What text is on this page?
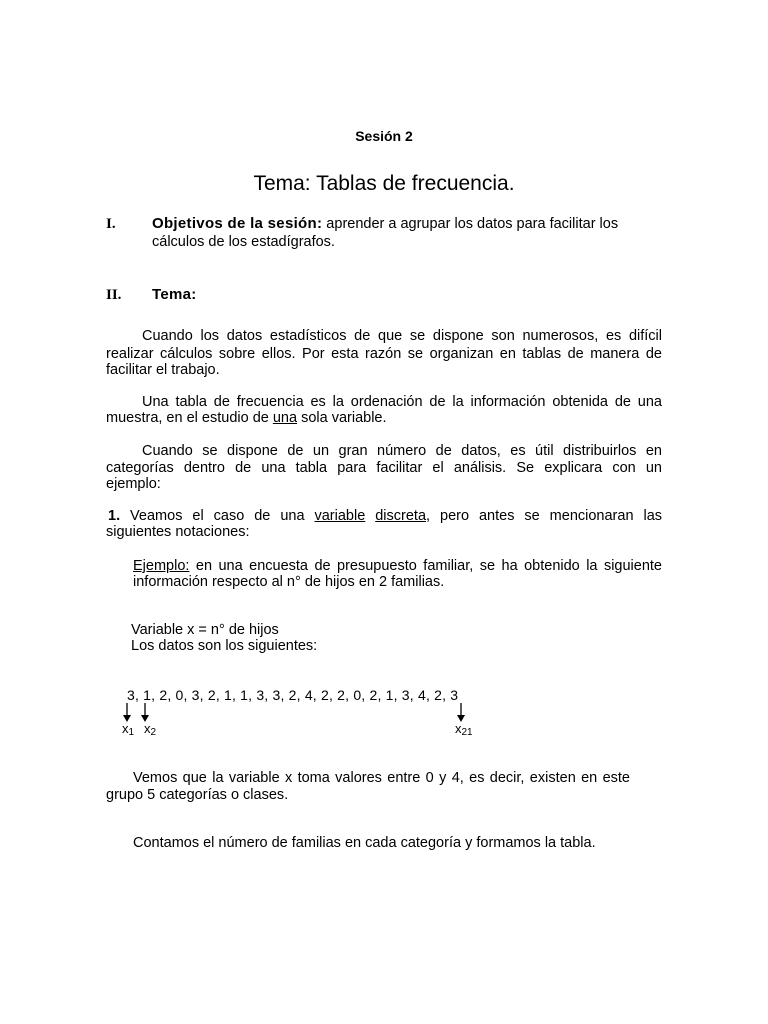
Sesión 2
Tema: Tablas de frecuencia.
I. Objetivos de la sesión: aprender a agrupar los datos para facilitar los
cálculos de los estadígrafos.
II. Tema:
Cuando los datos estadísticos de que se dispone son numerosos, es difícil
realizar cálculos sobre ellos. Por esta razón se organizan en tablas de manera de
facilitar el trabajo.
Una tabla de frecuencia es la ordenación de la información obtenida de una
muestra, en el estudio de una sola variable.
Cuando se dispone de un gran número de datos, es útil distribuirlos en
categorías dentro de una tabla para facilitar el análisis. Se explicara con un
ejemplo:
1. Veamos el caso de una variable discreta, pero antes se mencionaran las
siguientes notaciones:
Ejemplo: en una encuesta de presupuesto familiar, se ha obtenido la siguiente
información respecto al n° de hijos en 2 familias.
Variable x = n° de hijos
Los datos son los siguientes:
3, 1, 2, 0, 3, 2, 1, 1, 3, 3, 2, 4, 2, 2, 0, 2, 1, 3, 4, 2, 3
$x_1$ $x_2$	$x_{21}$
Vemos que la variable x toma valores entre 0 y 4, es decir, existen en este
grupo 5 categorías o clases.
Contamos el número de familias en cada categoría y formamos la tabla.
